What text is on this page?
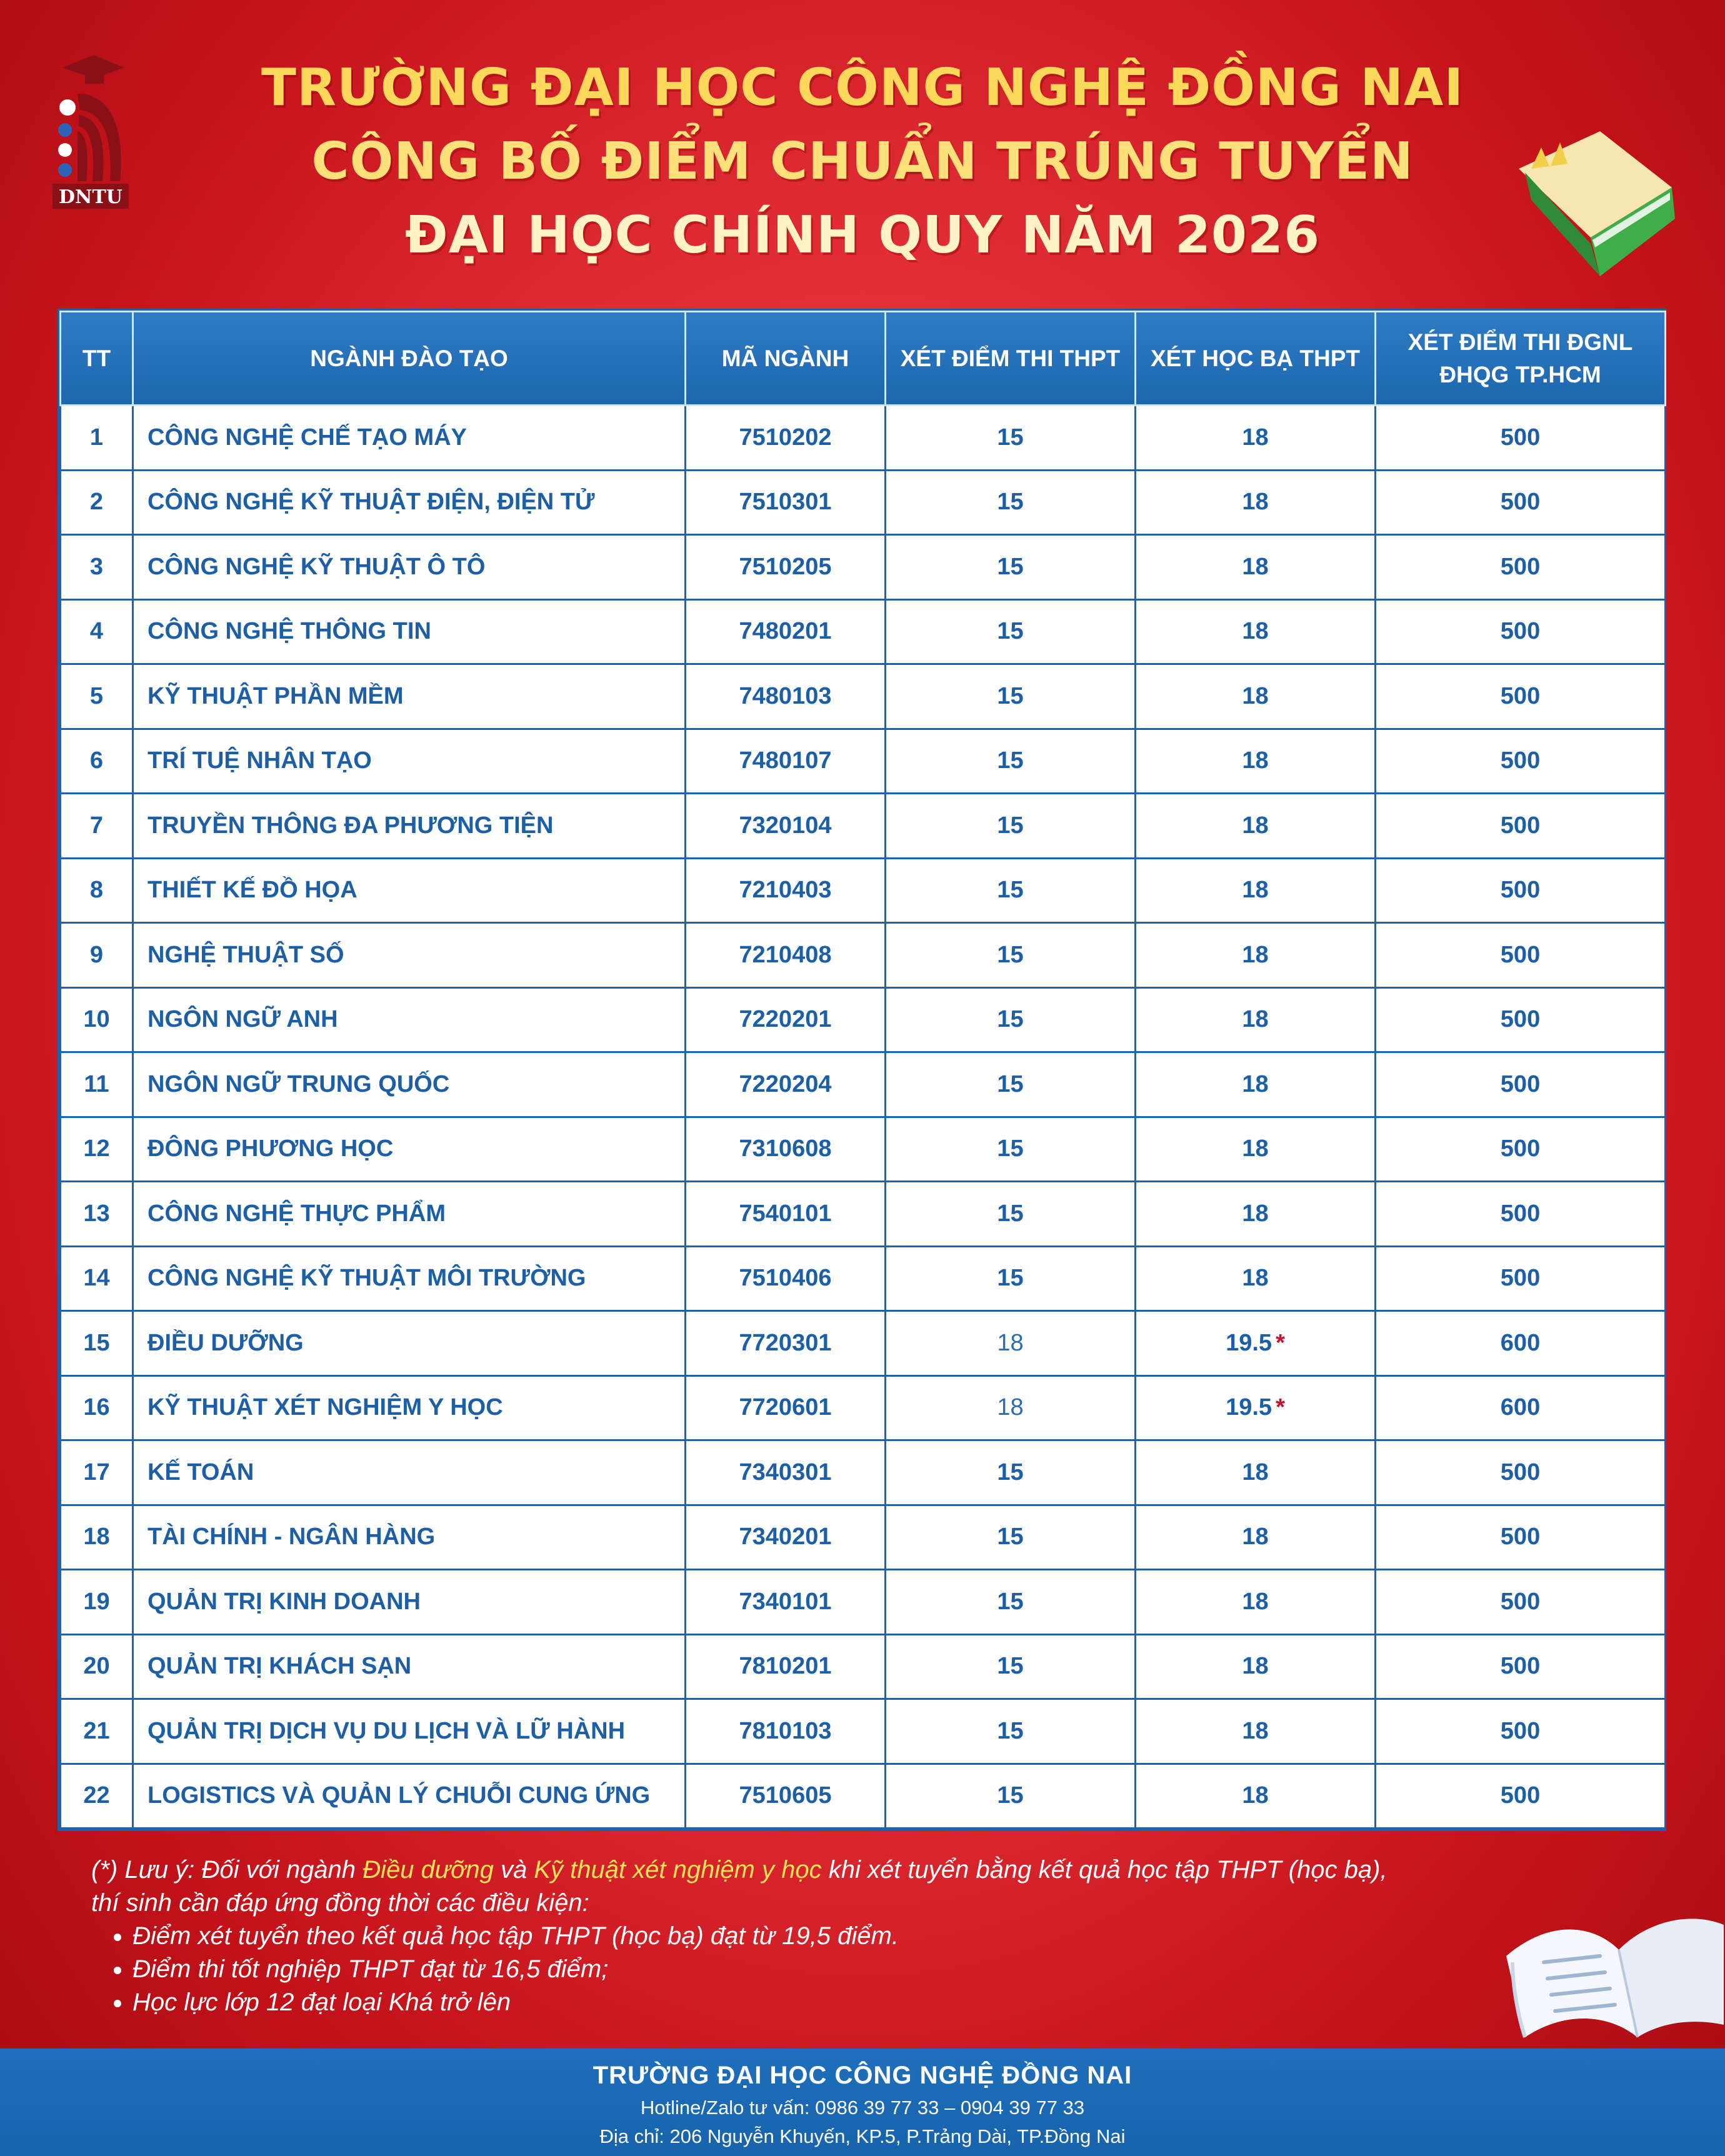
DNTU
TRƯỜNG ĐẠI HỌC CÔNG NGHỆ ĐỒNG NAI
CÔNG BỐ ĐIỂM CHUẨN TRÚNG TUYỂN
ĐẠI HỌC CHÍNH QUY NĂM 2026
TT	NGÀNH ĐÀO TẠO	MÃ NGÀNH	XÉT ĐIỂM THI THPT	XÉT HỌC BẠ THPT	XÉT ĐIỂM THI ĐGNL ĐHQG TP.HCM
1	CÔNG NGHỆ CHẾ TẠO MÁY	7510202	15	18	500
2	CÔNG NGHỆ KỸ THUẬT ĐIỆN, ĐIỆN TỬ	7510301	15	18	500
3	CÔNG NGHỆ KỸ THUẬT Ô TÔ	7510205	15	18	500
4	CÔNG NGHỆ THÔNG TIN	7480201	15	18	500
5	KỸ THUẬT PHẦN MỀM	7480103	15	18	500
6	TRÍ TUỆ NHÂN TẠO	7480107	15	18	500
7	TRUYỀN THÔNG ĐA PHƯƠNG TIỆN	7320104	15	18	500
8	THIẾT KẾ ĐỒ HỌA	7210403	15	18	500
9	NGHỆ THUẬT SỐ	7210408	15	18	500
10	NGÔN NGỮ ANH	7220201	15	18	500
11	NGÔN NGỮ TRUNG QUỐC	7220204	15	18	500
12	ĐÔNG PHƯƠNG HỌC	7310608	15	18	500
13	CÔNG NGHỆ THỰC PHẨM	7540101	15	18	500
14	CÔNG NGHỆ KỸ THUẬT MÔI TRƯỜNG	7510406	15	18	500
15	ĐIỀU DƯỠNG	7720301	18	19.5 *	600
16	KỸ THUẬT XÉT NGHIỆM Y HỌC	7720601	18	19.5 *	600
17	KẾ TOÁN	7340301	15	18	500
18	TÀI CHÍNH - NGÂN HÀNG	7340201	15	18	500
19	QUẢN TRỊ KINH DOANH	7340101	15	18	500
20	QUẢN TRỊ KHÁCH SẠN	7810201	15	18	500
21	QUẢN TRỊ DỊCH VỤ DU LỊCH VÀ LỮ HÀNH	7810103	15	18	500
22	LOGISTICS VÀ QUẢN LÝ CHUỖI CUNG ỨNG	7510605	15	18	500
(*) Lưu ý: Đối với ngành Điều dưỡng và Kỹ thuật xét nghiệm y học khi xét tuyển bằng kết quả học tập THPT (học bạ),
thí sinh cần đáp ứng đồng thời các điều kiện:
• Điểm xét tuyển theo kết quả học tập THPT (học bạ) đạt từ 19,5 điểm.
• Điểm thi tốt nghiệp THPT đạt từ 16,5 điểm;
• Học lực lớp 12 đạt loại Khá trở lên
TRƯỜNG ĐẠI HỌC CÔNG NGHỆ ĐỒNG NAI
Hotline/Zalo tư vấn: 0986 39 77 33 – 0904 39 77 33
Địa chỉ: 206 Nguyễn Khuyến, KP.5, P.Trảng Dài, TP.Đồng Nai
